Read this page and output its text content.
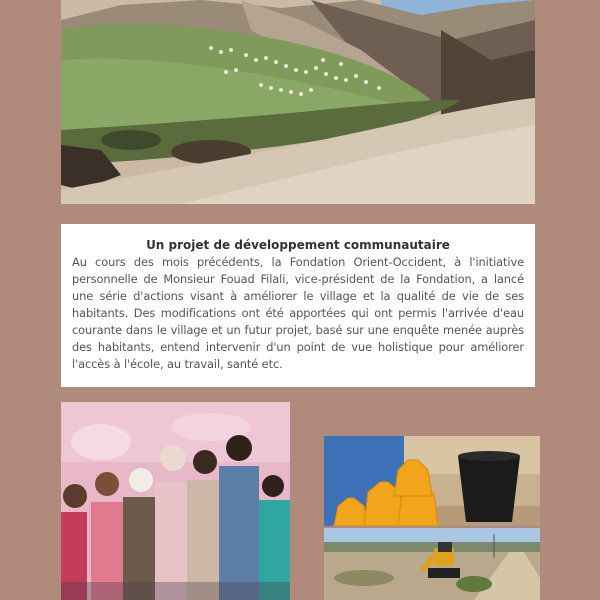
Un projet de développement communautaire

Au cours des mois précédents, la Fondation Orient-Occident, à l'initiative personnelle de Monsieur Fouad Filali, vice-président de la Fondation, a lancé une série d'actions visant à améliorer le village et la qualité de vie de ses habitants. Des modifications ont été apportées qui ont permis l'arrivée d'eau courante dans le village et un futur projet, basé sur une enquête menée auprès des habitants, entend intervenir d'un point de vue holistique pour améliorer l'accès à l'école, au travail, santé etc.
